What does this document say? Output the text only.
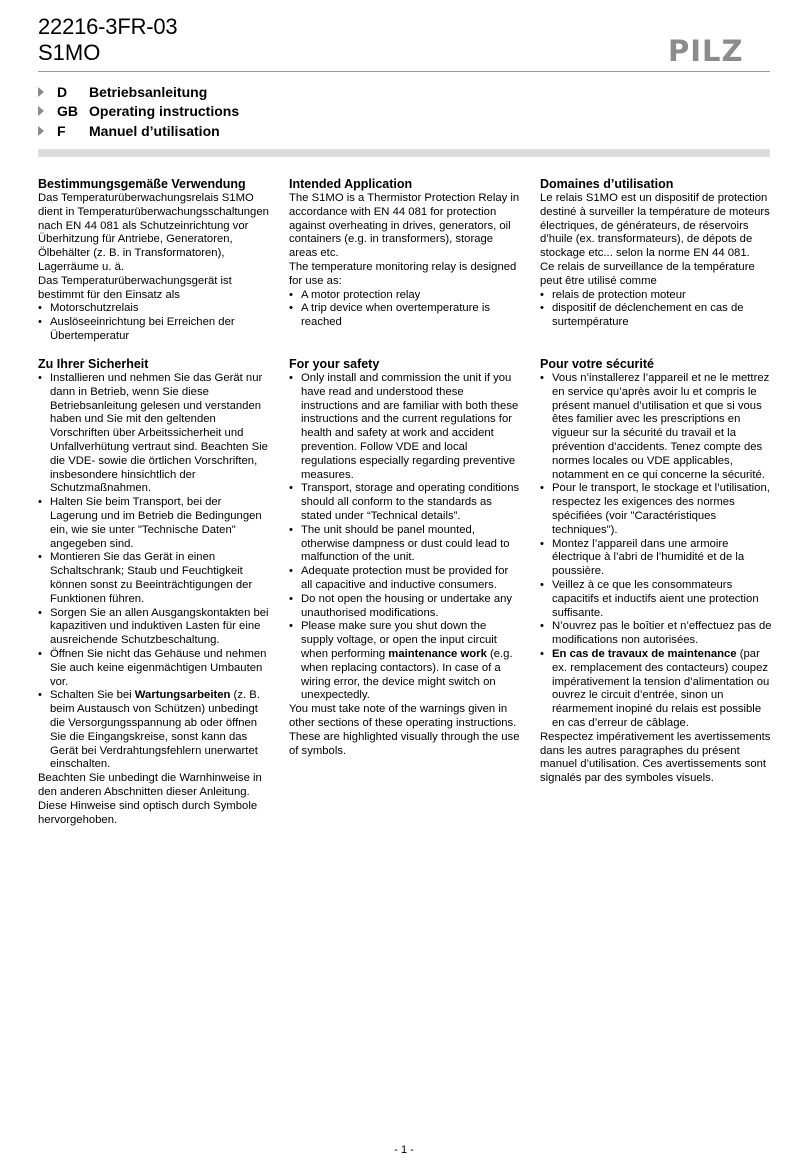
22216-3FR-03
S1MO	PILZ
D	Betriebsanleitung
GB Operating instructions
F	Manuel d’utilisation
Bestimmungsgemäße Verwendung

Das Temperaturüberwachungsrelais S1MO dient in Temperaturüberwachungsschaltungen nach EN 44 081 als Schutzeinrichtung vor Überhitzung für Antriebe, Generatoren, Ölbehälter (z. B. in Transformatoren), Lagerräume u. ä.

Das Temperaturüberwachungsgerät ist bestimmt für den Einsatz als

• Motorschutzrelais
• Auslöseeinrichtung bei Erreichen der Übertemperatur
Zu Ihrer Sicherheit
• Installieren und nehmen Sie das Gerät nur dann in Betrieb, wenn Sie diese Betriebsanleitung gelesen und verstanden haben und Sie mit den geltenden Vorschriften über Arbeitssicherheit und Unfallverhütung vertraut sind. Beachten Sie die VDE- sowie die örtlichen Vorschriften, insbesondere hinsichtlich der Schutzmaßnahmen.
• Halten Sie beim Transport, bei der Lagerung und im Betrieb die Bedingungen ein, wie sie unter "Technische Daten" angegeben sind.
• Montieren Sie das Gerät in einen Schaltschrank; Staub und Feuchtigkeit können sonst zu Beeinträchtigungen der Funktionen führen.
• Sorgen Sie an allen Ausgangskontakten bei kapazitiven und induktiven Lasten für eine ausreichende Schutzbeschaltung.
• Öffnen Sie nicht das Gehäuse und nehmen Sie auch keine eigenmächtigen Umbauten vor.
• Schalten Sie bei Wartungsarbeiten (z. B. beim Austausch von Schützen) unbedingt die Versorgungsspannung ab oder öffnen Sie die Eingangskreise, sonst kann das Gerät bei Verdrahtungsfehlern unerwartet einschalten.

Beachten Sie unbedingt die Warnhinweise in den anderen Abschnitten dieser Anleitung. Diese Hinweise sind optisch durch Symbole hervorgehoben.

Intended Application

The S1MO is a Thermistor Protection Relay in accordance with EN 44 081 for protection against overheating in drives, generators, oil containers (e.g. in transformers), storage areas etc.

The temperature monitoring relay is designed for use as:

• A motor protection relay
• A trip device when overtemperature is reached
For your safety
• Only install and commission the unit if you have read and understood these instructions and are familiar with both these instructions and the current regulations for health and safety at work and accident prevention. Follow VDE and local regulations especially regarding preventive measures.
• Transport, storage and operating conditions should all conform to the standards as stated under “Technical details”.
• The unit should be panel mounted, otherwise dampness or dust could lead to malfunction of the unit.
• Adequate protection must be provided for all capacitive and inductive consumers.
• Do not open the housing or undertake any unauthorised modifications.
• Please make sure you shut down the supply voltage, or open the input circuit when performing maintenance work (e.g. when replacing contactors). In case of a wiring error, the device might switch on unexpectedly.

You must take note of the warnings given in other sections of these operating instructions. These are highlighted visually through the use of symbols.

Domaines d’utilisation

Le relais S1MO est un dispositif de protection destiné à surveiller la température de moteurs électriques, de générateurs, de réservoirs d’huile (ex. transformateurs), de dépots de stockage etc... selon la norme EN 44 081.

Ce relais de surveillance de la température peut être utilisé comme

• relais de protection moteur
• dispositif de déclenchement en cas de surtempérature
Pour votre sécurité
• Vous n’installerez l’appareil et ne le mettrez en service qu’après avoir lu et compris le présent manuel d’utilisation et que si vous êtes familier avec les prescriptions en vigueur sur la sécurité du travail et la prévention d’accidents. Tenez compte des normes locales ou VDE applicables, notamment en ce qui concerne la sécurité.
• Pour le transport, le stockage et l’utilisation, respectez les exigences des normes spécifiées (voir "Caractéristiques techniques").
• Montez l’appareil dans une armoire électrique à l’abri de l’humidité et de la poussière.
• Veillez à ce que les consommateurs capacitifs et inductifs aient une protection suffisante.
• N’ouvrez pas le boîtier et n’effectuez pas de modifications non autorisées.
• En cas de travaux de maintenance (par ex. remplacement des contacteurs) coupez impérativement la tension d’alimentation ou ouvrez le circuit d’entrée, sinon un réarmement inopiné du relais est possible en cas d’erreur de câblage.

Respectez impérativement les avertissements dans les autres paragraphes du présent manuel d’utilisation. Ces avertissements sont signalés par des symboles visuels.

- 1 -
